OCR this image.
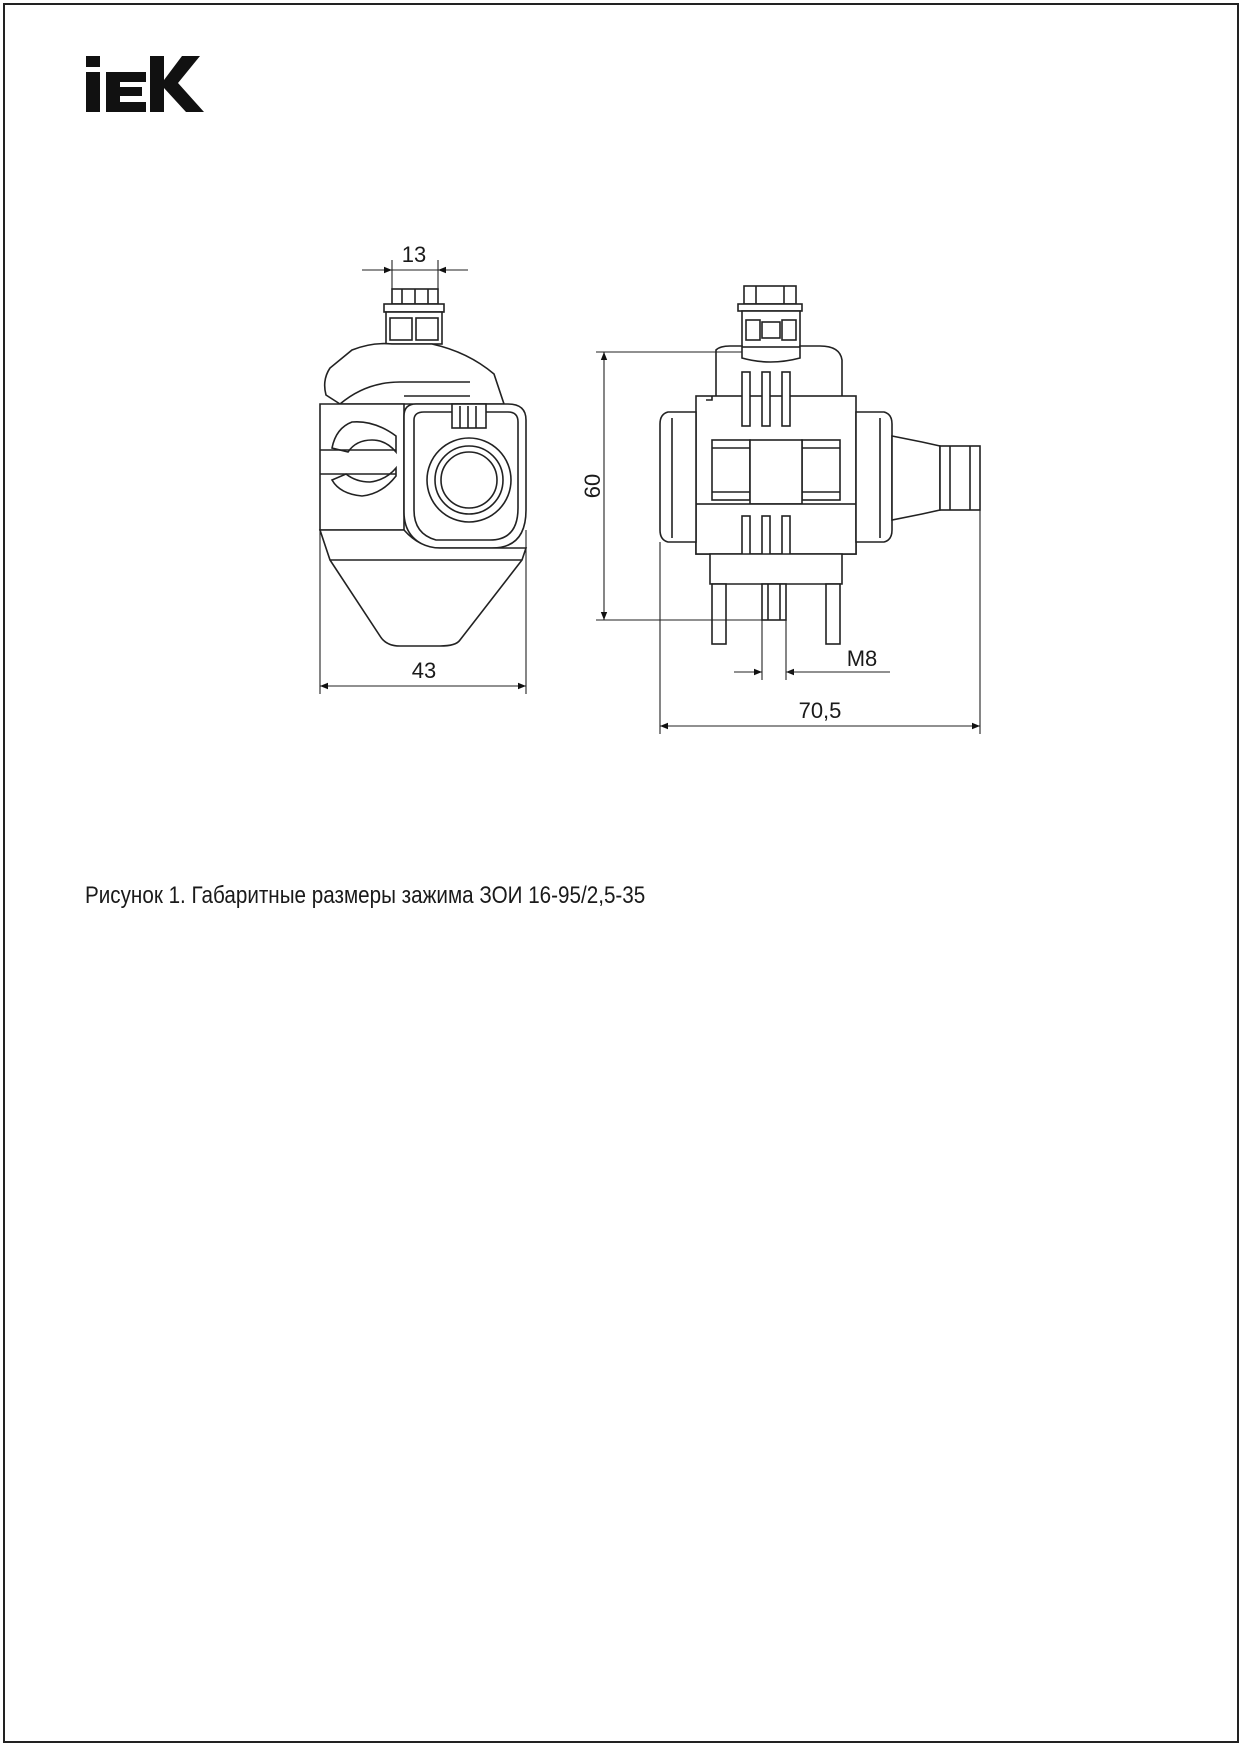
13
43
60
M8
70,5
Рисунок 1. Габаритные размеры зажима ЗОИ 16-95/2,5-35
